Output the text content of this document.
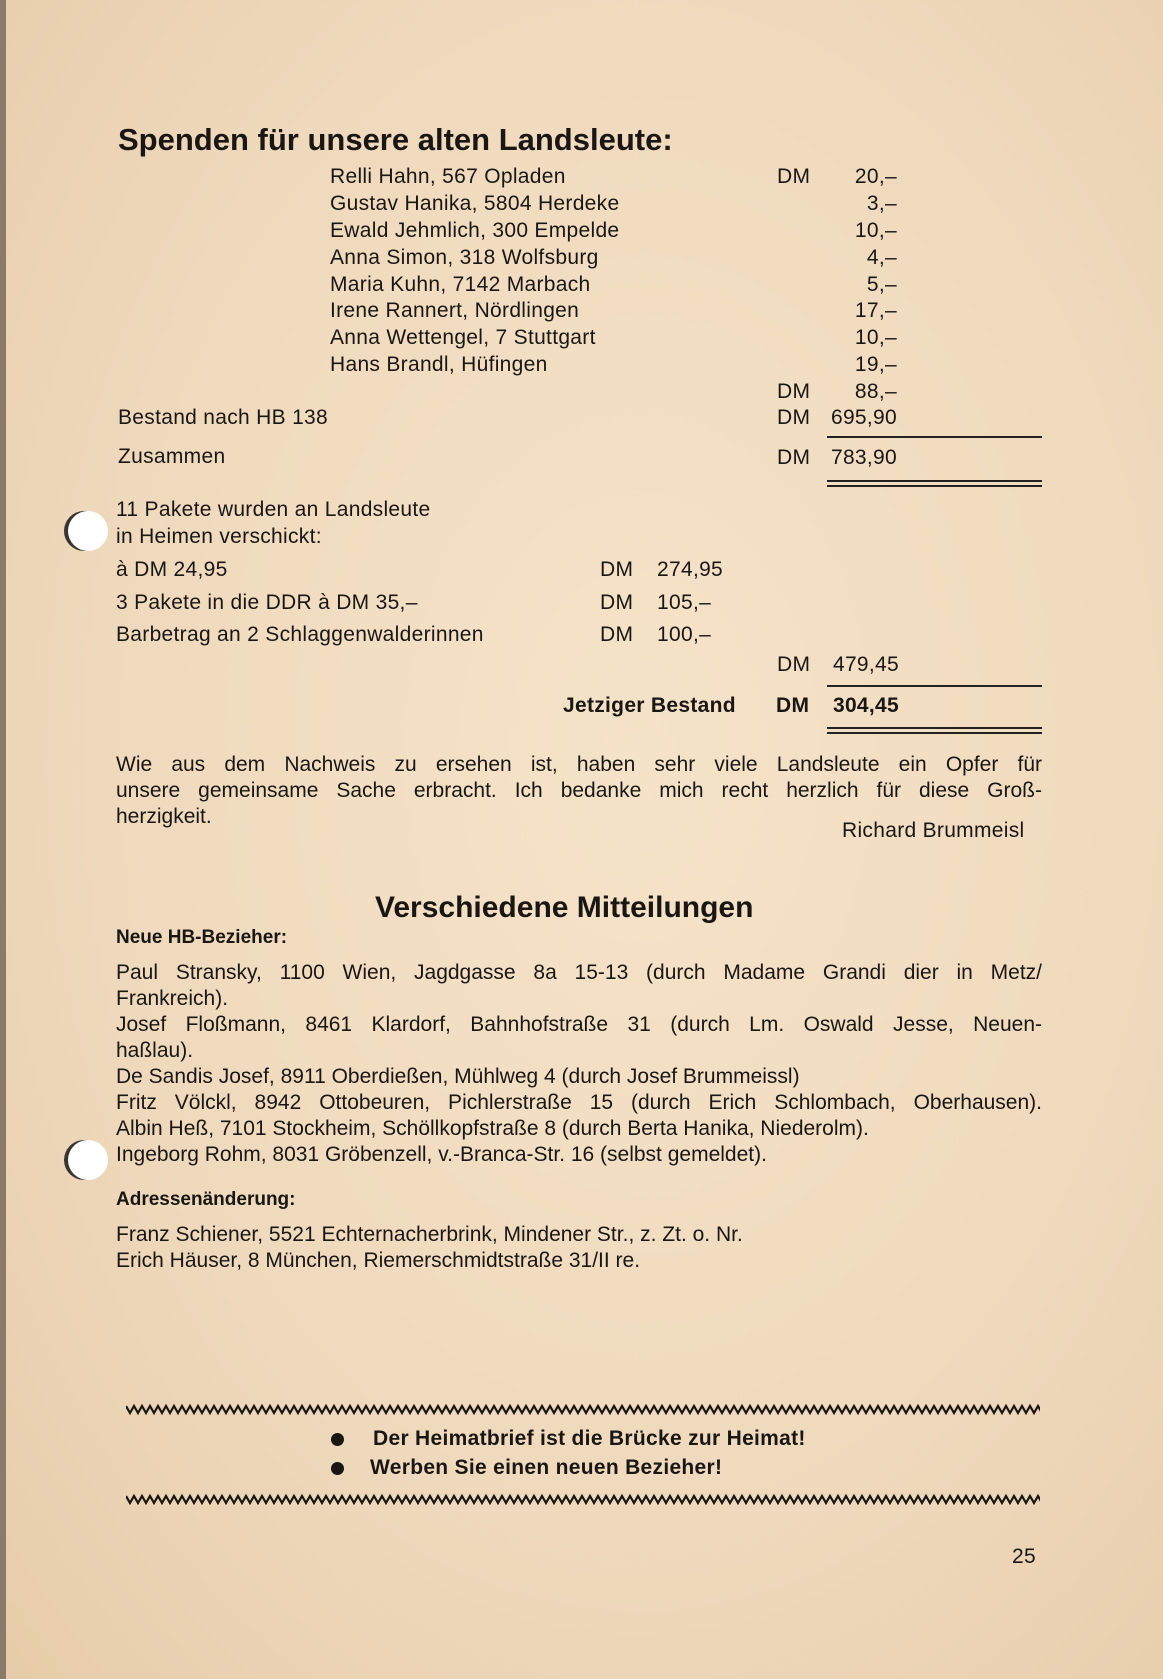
Spenden für unsere alten Landsleute:
Relli Hahn, 567 Opladen	DM	20,–
Gustav Hanika, 5804 Herdeke	3,–
Ewald Jehmlich, 300 Empelde	10,–
Anna Simon, 318 Wolfsburg	4,–
Maria Kuhn, 7142 Marbach	5,–
Irene Rannert, Nördlingen	17,–
Anna Wettengel, 7 Stuttgart	10,–
Hans Brandl, Hüfingen	19,–
DM	88,–
Bestand nach HB 138	DM 695,90
Zusammen	DM 783,90
11 Pakete wurden an Landsleute
in Heimen verschickt:
à DM 24,95	DM 274,95
3 Pakete in die DDR à DM 35,–	DM 105,–
Barbetrag an 2 Schlaggenwalderinnen	DM 100,–
DM	479,45
Jetziger Bestand DM	304,45
Wie aus dem Nachweis zu ersehen ist, haben sehr viele Landsleute ein Opfer für
unsere gemeinsame Sache erbracht. Ich bedanke mich recht herzlich für diese Groß-
herzigkeit.
Richard Brummeisl
Verschiedene Mitteilungen
Neue HB-Bezieher:
Paul Stransky, 1100 Wien, Jagdgasse 8a 15-13 (durch Madame Grandi dier in Metz/
Frankreich).
Josef Floßmann, 8461 Klardorf, Bahnhofstraße 31 (durch Lm. Oswald Jesse, Neuen-
haßlau).
De Sandis Josef, 8911 Oberdießen, Mühlweg 4 (durch Josef Brummeissl)
Fritz Völckl, 8942 Ottobeuren, Pichlerstraße 15 (durch Erich Schlombach, Oberhausen).
Albin Heß, 7101 Stockheim, Schöllkopfstraße 8 (durch Berta Hanika, Niederolm).
Ingeborg Rohm, 8031 Gröbenzell, v.-Branca-Str. 16 (selbst gemeldet).
Adressenänderung:
Franz Schiener, 5521 Echternacherbrink, Mindener Str., z. Zt. o. Nr.
Erich Häuser, 8 München, Riemerschmidtstraße 31/II re.
Der Heimatbrief ist die Brücke zur Heimat!
Werben Sie einen neuen Bezieher!
25
